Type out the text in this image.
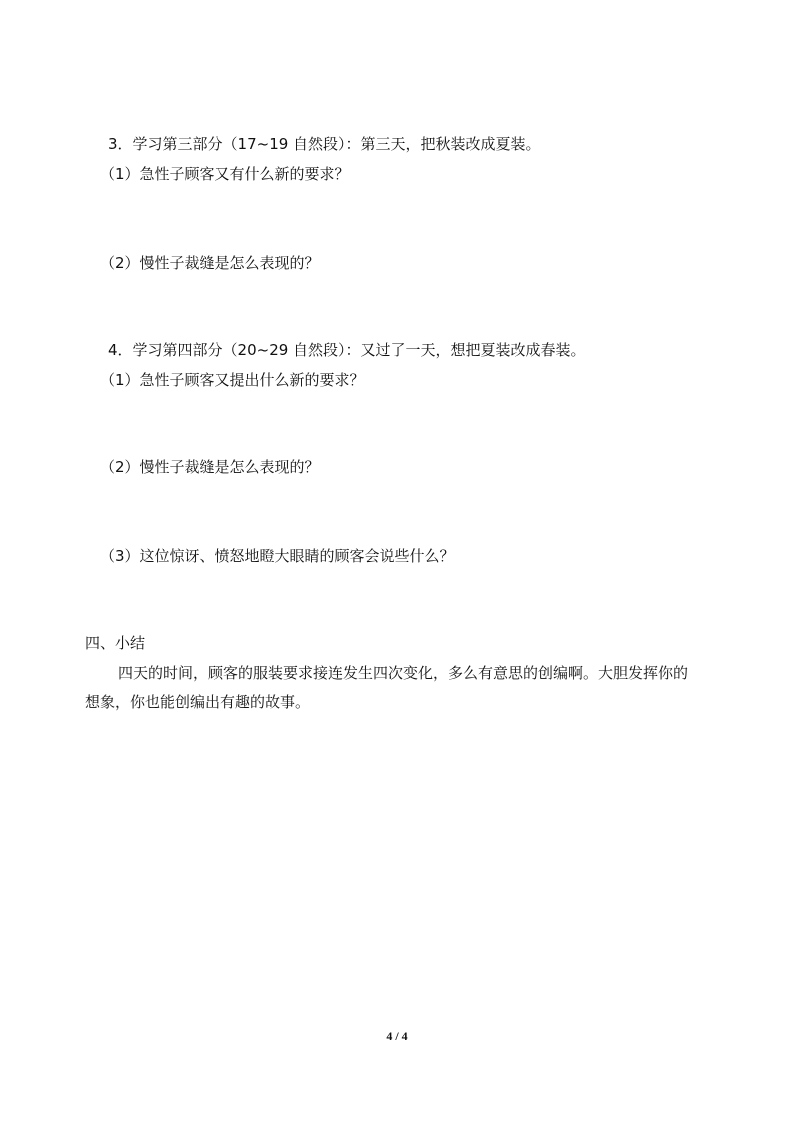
3．学习第三部分（17~19 自然段）：第三天，把秋装改成夏装。
（1）急性子顾客又有什么新的要求？
（2）慢性子裁缝是怎么表现的？
4．学习第四部分（20~29 自然段）：又过了一天，想把夏装改成春装。
（1）急性子顾客又提出什么新的要求？
（2）慢性子裁缝是怎么表现的？
（3）这位惊讶、愤怒地瞪大眼睛的顾客会说些什么？
四、小结
四天的时间，顾客的服装要求接连发生四次变化，多么有意思的创编啊。大胆发挥你的
想象，你也能创编出有趣的故事。
4 / 4
